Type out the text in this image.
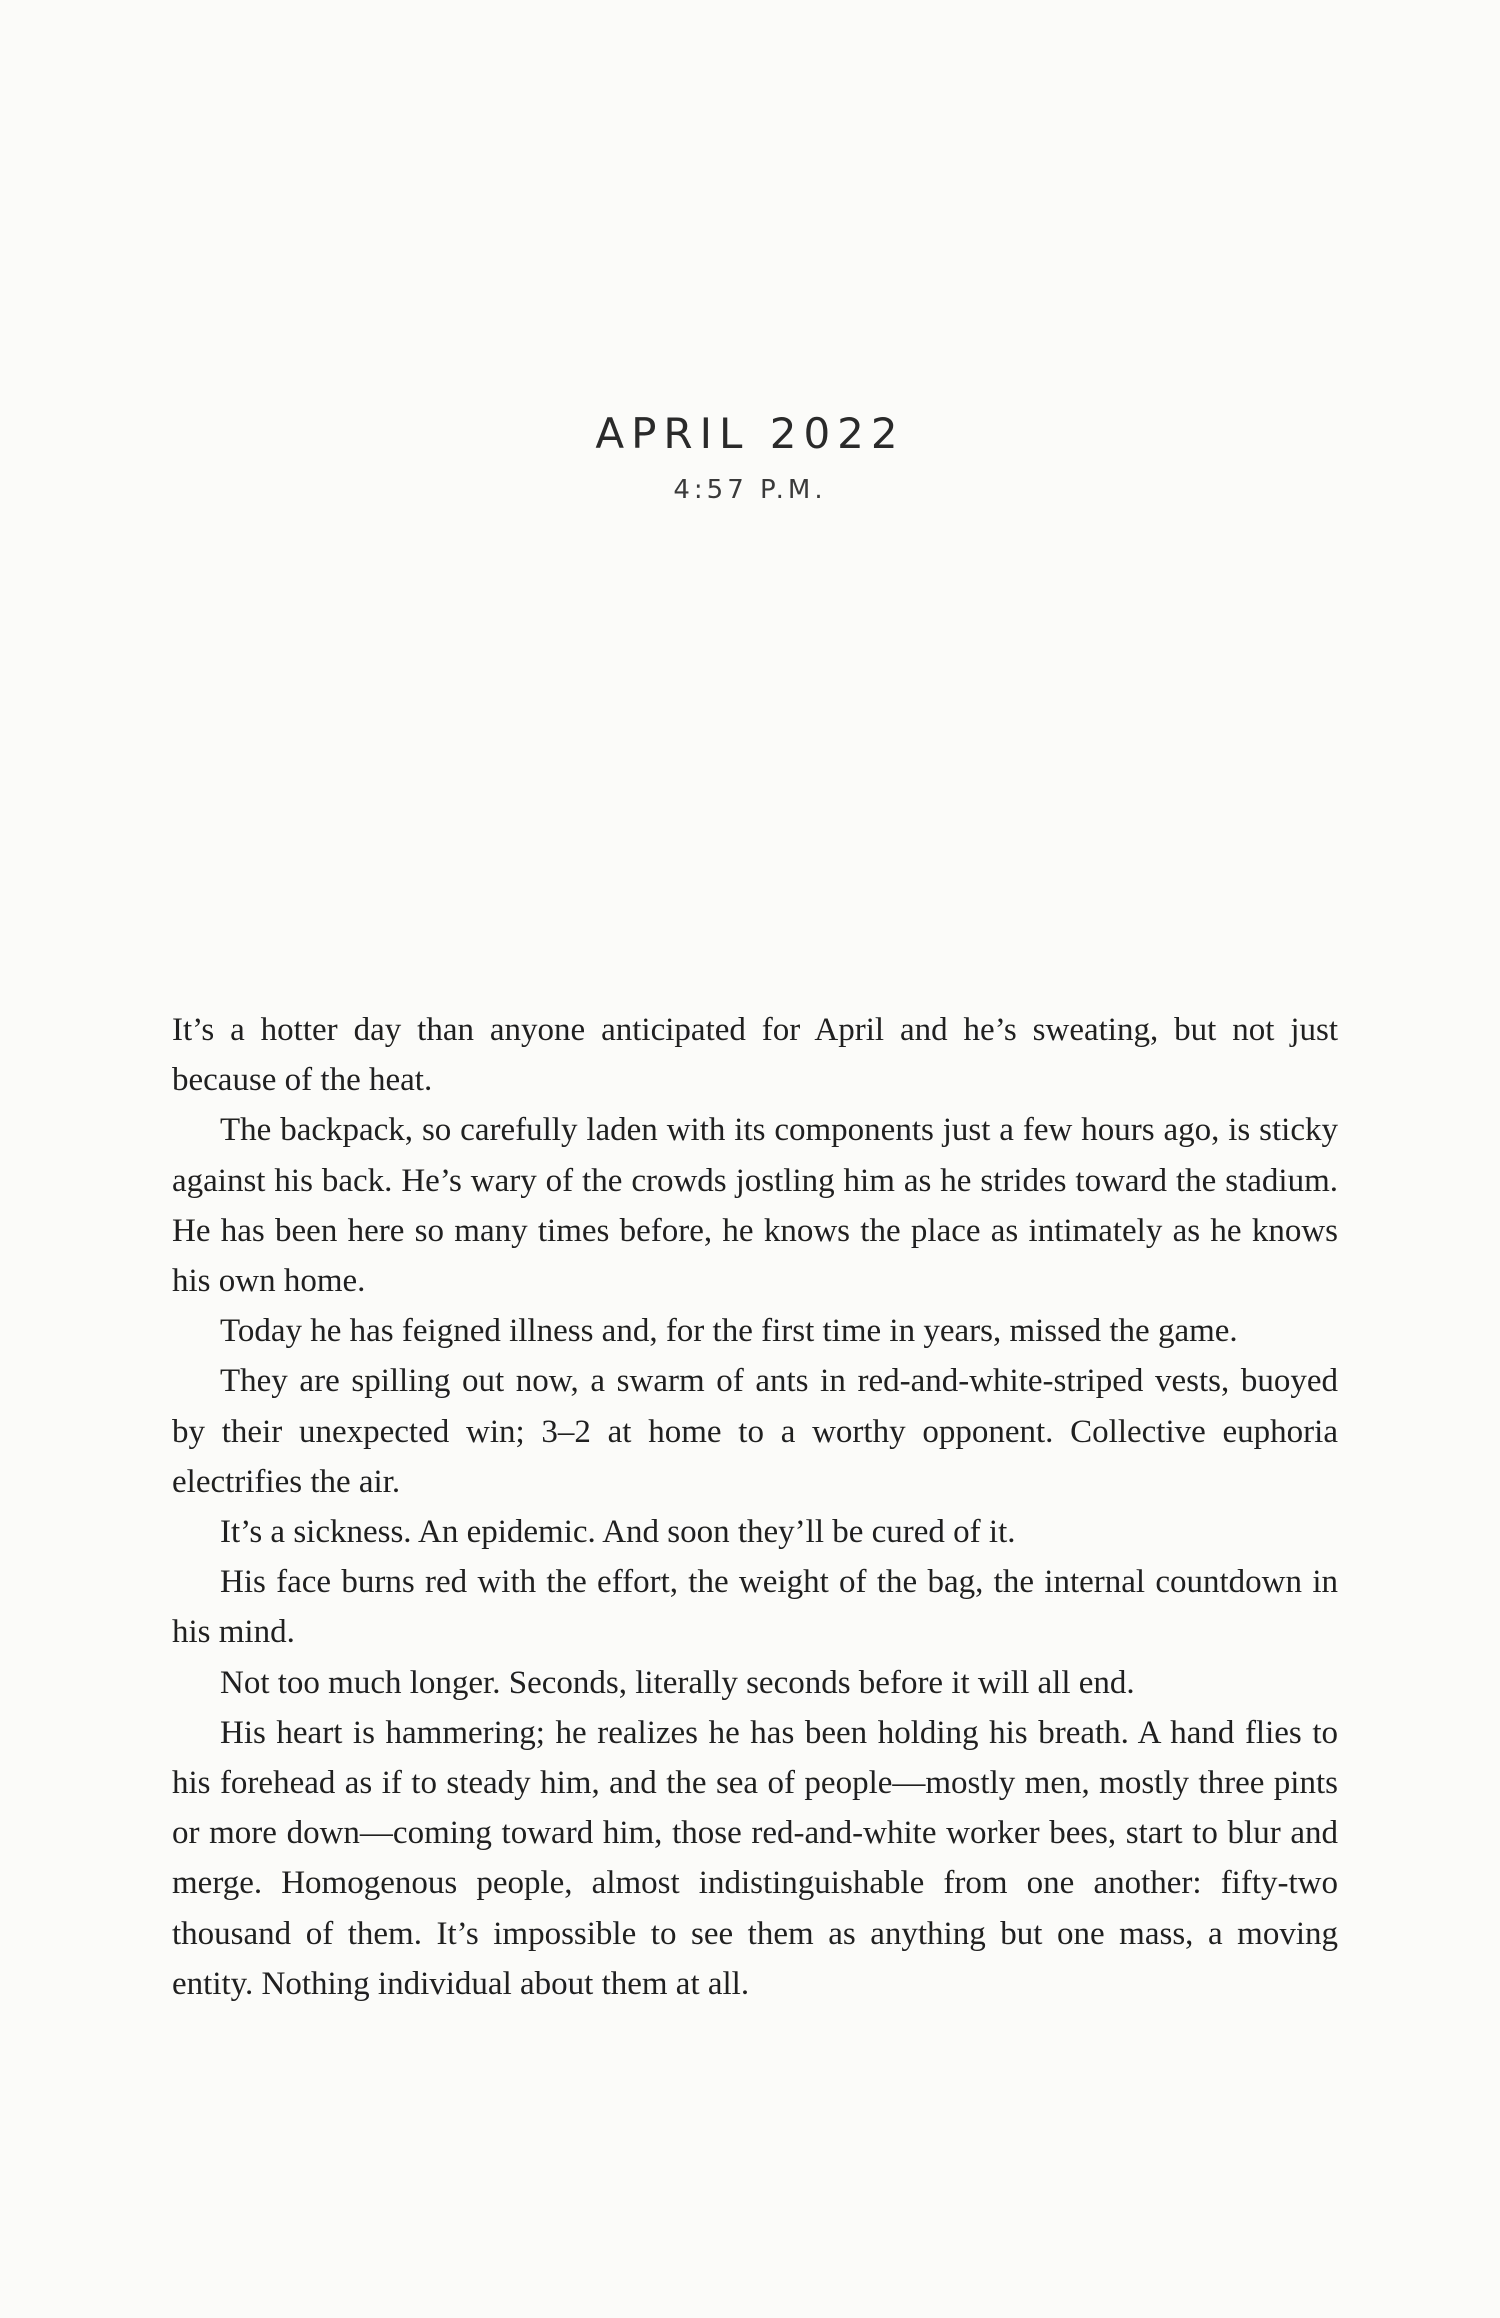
APRIL 2022
4:57 P.M.

It’s a hotter day than anyone anticipated for April and he’s sweating, but not just because of the heat.

The backpack, so carefully laden with its components just a few hours ago, is sticky against his back. He’s wary of the crowds jostling him as he strides toward the stadium. He has been here so many times before, he knows the place as intimately as he knows his own home.

Today he has feigned illness and, for the first time in years, missed the game.

They are spilling out now, a swarm of ants in red-and-white-striped vests, buoyed by their unexpected win; 3–2 at home to a worthy opponent. Collective euphoria electrifies the air.

It’s a sickness. An epidemic. And soon they’ll be cured of it.

His face burns red with the effort, the weight of the bag, the internal countdown in his mind.

Not too much longer. Seconds, literally seconds before it will all end.

His heart is hammering; he realizes he has been holding his breath. A hand flies to his forehead as if to steady him, and the sea of people—mostly men, mostly three pints or more down—coming toward him, those red-and-white worker bees, start to blur and merge. Homogenous people, almost indistinguishable from one another: fifty-two thousand of them. It’s impossible to see them as anything but one mass, a moving entity. Nothing individual about them at all.
